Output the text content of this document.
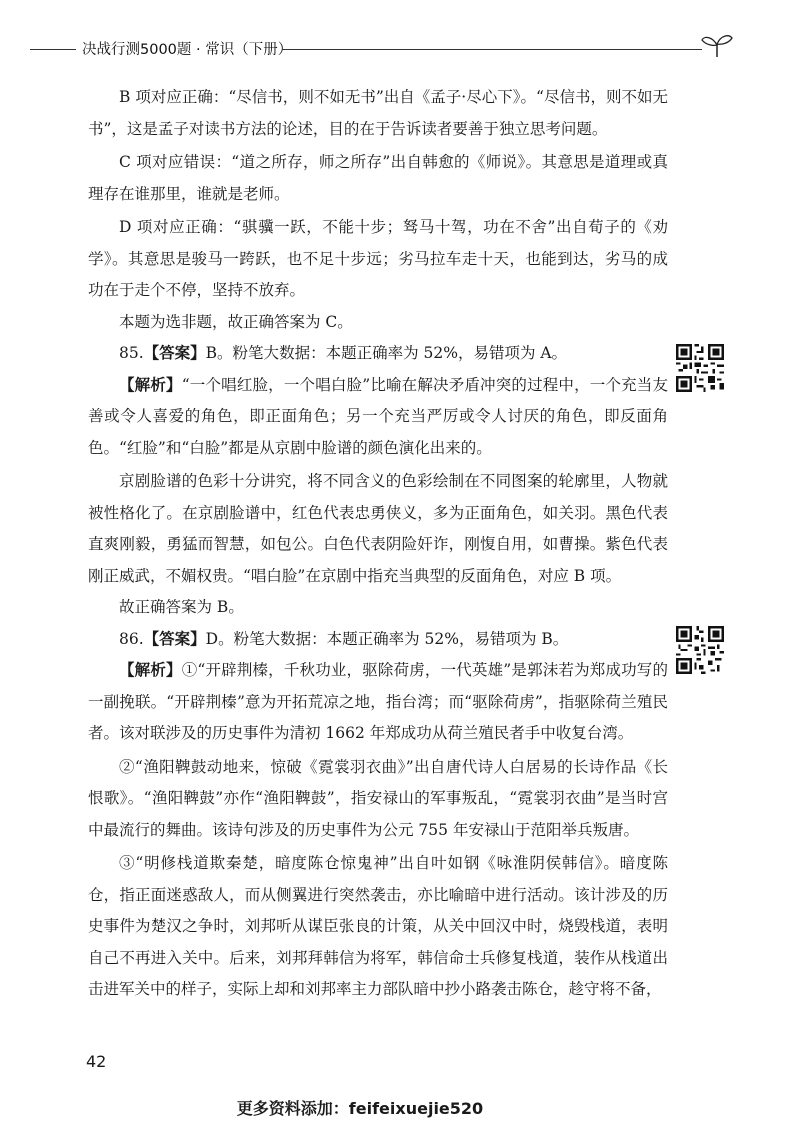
决战行测5000题 · 常识（下册）

B 项对应正确：“尽信书，则不如无书”出自《孟子·尽心下》。“尽信书，则不如无书”，这是孟子对读书方法的论述，目的在于告诉读者要善于独立思考问题。

C 项对应错误：“道之所存，师之所存”出自韩愈的《师说》。其意思是道理或真理存在谁那里，谁就是老师。

D 项对应正确：“骐骥一跃，不能十步；驽马十驾，功在不舍”出自荀子的《劝学》。其意思是骏马一跨跃，也不足十步远；劣马拉车走十天，也能到达，劣马的成功在于走个不停，坚持不放弃。

本题为选非题，故正确答案为 C。

85.【答案】B。粉笔大数据：本题正确率为 52%，易错项为 A。

【解析】“一个唱红脸，一个唱白脸”比喻在解决矛盾冲突的过程中，一个充当友善或令人喜爱的角色，即正面角色；另一个充当严厉或令人讨厌的角色，即反面角色。“红脸”和“白脸”都是从京剧中脸谱的颜色演化出来的。

京剧脸谱的色彩十分讲究，将不同含义的色彩绘制在不同图案的轮廓里，人物就被性格化了。在京剧脸谱中，红色代表忠勇侠义，多为正面角色，如关羽。黑色代表直爽刚毅，勇猛而智慧，如包公。白色代表阴险奸诈，刚愎自用，如曹操。紫色代表刚正威武，不媚权贵。“唱白脸”在京剧中指充当典型的反面角色，对应 B 项。

故正确答案为 B。

86.【答案】D。粉笔大数据：本题正确率为 52%，易错项为 B。

【解析】①“开辟荆榛，千秋功业，驱除荷虏，一代英雄”是郭沫若为郑成功写的一副挽联。“开辟荆榛”意为开拓荒凉之地，指台湾；而“驱除荷虏”，指驱除荷兰殖民者。该对联涉及的历史事件为清初 1662 年郑成功从荷兰殖民者手中收复台湾。

②“渔阳鞞鼓动地来，惊破《霓裳羽衣曲》”出自唐代诗人白居易的长诗作品《长恨歌》。“渔阳鞞鼓”亦作“渔阳鞞鼓”，指安禄山的军事叛乱，“霓裳羽衣曲”是当时宫中最流行的舞曲。该诗句涉及的历史事件为公元 755 年安禄山于范阳举兵叛唐。

③“明修栈道欺秦楚，暗度陈仓惊鬼神”出自叶如钢《咏淮阴侯韩信》。暗度陈仓，指正面迷惑敌人，而从侧翼进行突然袭击，亦比喻暗中进行活动。该计涉及的历史事件为楚汉之争时，刘邦听从谋臣张良的计策，从关中回汉中时，烧毁栈道，表明自己不再进入关中。后来，刘邦拜韩信为将军，韩信命士兵修复栈道，装作从栈道出击进军关中的样子，实际上却和刘邦率主力部队暗中抄小路袭击陈仓，趁守将不备，

42
更多资料添加：feifeixuejie520
